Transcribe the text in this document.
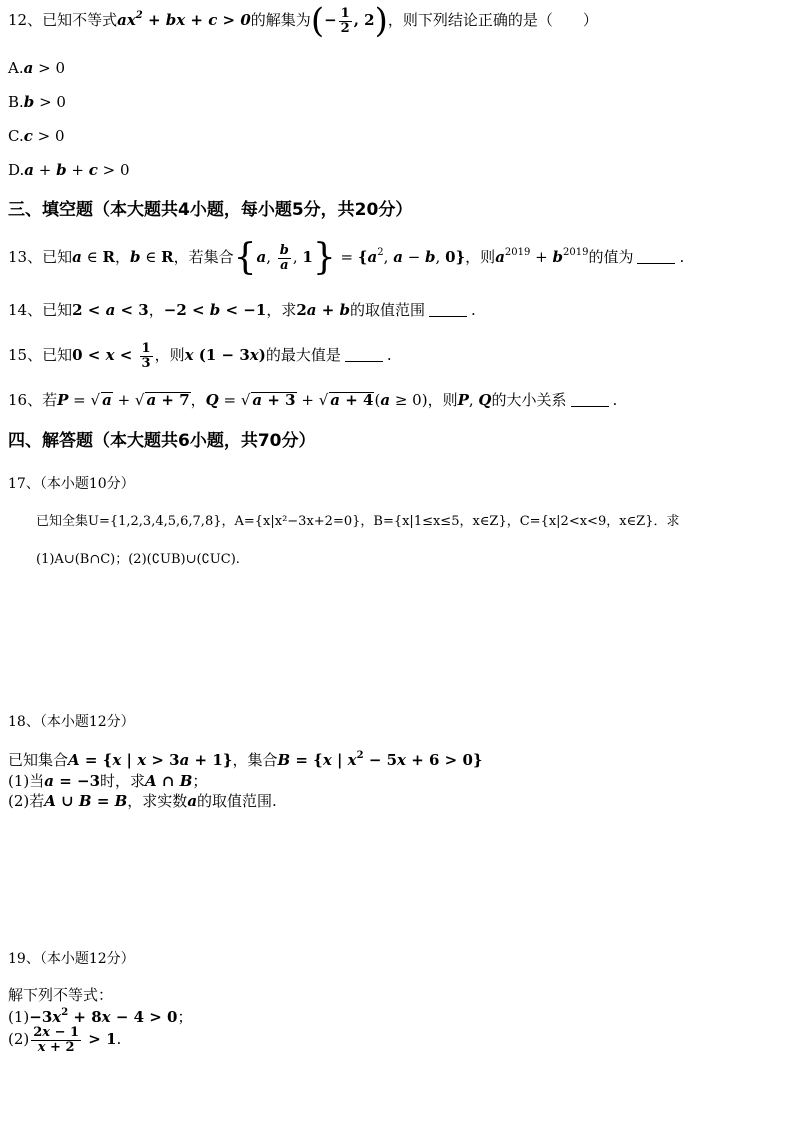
12、已知不等式$ax^2$ + bx + c > 0的解集为(− $\frac{1}{2}$ , 2)，则下列结论正确的是（　　）
A.a > 0
B.b > 0
C.c > 0
D.a + b + c > 0
三、填空题（本大题共4小题，每小题5分，共20分）
13、已知a ∈ R，b ∈ R，若集合{a, $\frac{b}{a}$ , $1\} = \{a^2$, a − b, 0}，则$a^{2019} + b^{2019}$的值为	.
14、已知2 < a < 3，−2 < b < −1，求2a + b的取值范围	.
15、已知$0 < x < \frac{1}{3}$ ，则x (1 − 3x)的最大值是	.
16、若P = √ a + √ a + 7，Q = √ a + 3 + √ a + 4(a ≥ 0)，则P, Q的大小关系	.
四、解答题（本大题共6小题，共70分）
17、（本小题10分）
已知全集U={1,2,3,4,5,6,7,8}，A={x|x²−3x+2=0}，B={x|1≤x≤5，x∈Z}，C={x|2<x<9，x∈Z}．求
(1)A∪(B∩C)；(2)(∁UB)∪(∁UC).
18、（本小题12分）
已知集合A = {x | x > 3a + 1}，集合B = {x | $x^2 - 5x + 6 > 0$}
(1)当a = −3时，求A ∩ B；
(2)若A ∪ B = B，求实数a的取值范围.
19、（本小题12分）
解下列不等式：
$(1)-3x^2 + 8x - 4 > 0$；
$(2) \frac{2x - 1}{x + 2} > 1$.
